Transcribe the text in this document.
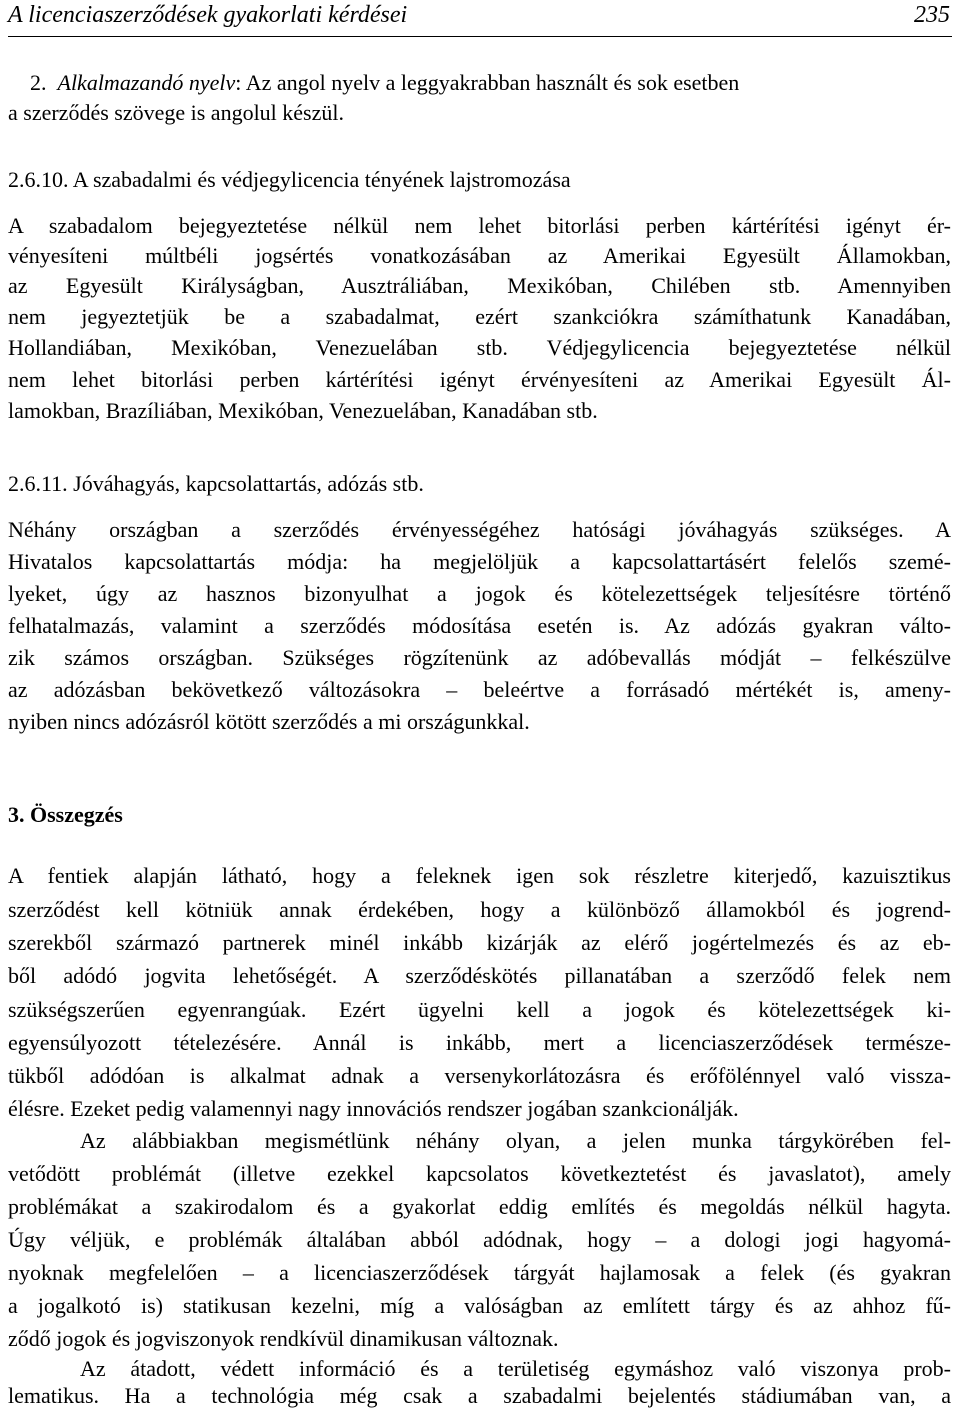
A licenciaszerződések gyakorlati kérdései	235
2. Alkalmazandó nyelv: Az angol nyelv a leggyakrabban használt és sok esetben
a szerződés szövege is angolul készül.
2.6.10. A szabadalmi és védjegylicencia tényének lajstromozása
A szabadalom bejegyeztetése nélkül nem lehet bitorlási perben kártérítési igényt ér-
vényesíteni múltbéli jogsértés vonatkozásában az Amerikai Egyesült Államokban,
az Egyesült Királyságban, Ausztráliában, Mexikóban, Chilében stb. Amennyiben
nem jegyeztetjük be a szabadalmat, ezért szankciókra számíthatunk Kanadában,
Hollandiában, Mexikóban, Venezuelában stb. Védjegylicencia bejegyeztetése nélkül
nem lehet bitorlási perben kártérítési igényt érvényesíteni az Amerikai Egyesült Ál-
lamokban, Brazíliában, Mexikóban, Venezuelában, Kanadában stb.
2.6.11. Jóváhagyás, kapcsolattartás, adózás stb.
Néhány országban a szerződés érvényességéhez hatósági jóváhagyás szükséges. A
Hivatalos kapcsolattartás módja: ha megjelöljük a kapcsolattartásért felelős szemé-
lyeket, úgy az hasznos bizonyulhat a jogok és kötelezettségek teljesítésre történő
felhatalmazás, valamint a szerződés módosítása esetén is. Az adózás gyakran válto-
zik számos országban. Szükséges rögzítenünk az adóbevallás módját – felkészülve
az adózásban bekövetkező változásokra – beleértve a forrásadó mértékét is, ameny-
nyiben nincs adózásról kötött szerződés a mi országunkkal.
3. Összegzés
A fentiek alapján látható, hogy a feleknek igen sok részletre kiterjedő, kazuisztikus
szerződést kell kötniük annak érdekében, hogy a különböző államokból és jogrend-
szerekből származó partnerek minél inkább kizárják az elérő jogértelmezés és az eb-
ből adódó jogvita lehetőségét. A szerződéskötés pillanatában a szerződő felek nem
szükségszerűen egyenrangúak. Ezért ügyelni kell a jogok és kötelezettségek ki-
egyensúlyozott tételezésére. Annál is inkább, mert a licenciaszerződések természe-
tükből adódóan is alkalmat adnak a versenykorlátozásra és erőfölénnyel való vissza-
élésre. Ezeket pedig valamennyi nagy innovációs rendszer jogában szankcionálják.
Az alábbiakban megismétlünk néhány olyan, a jelen munka tárgykörében fel-
vetődött problémát (illetve ezekkel kapcsolatos következtetést és javaslatot), amely
problémákat a szakirodalom és a gyakorlat eddig említés és megoldás nélkül hagyta.
Úgy véljük, e problémák általában abból adódnak, hogy – a dologi jogi hagyomá-
nyoknak megfelelően – a licenciaszerződések tárgyát hajlamosak a felek (és gyakran
a jogalkotó is) statikusan kezelni, míg a valóságban az említett tárgy és az ahhoz fű-
ződő jogok és jogviszonyok rendkívül dinamikusan változnak.
Az átadott, védett információ és a területiség egymáshoz való viszonya prob-
lematikus. Ha a technológia még csak a szabadalmi bejelentés stádiumában van, a
